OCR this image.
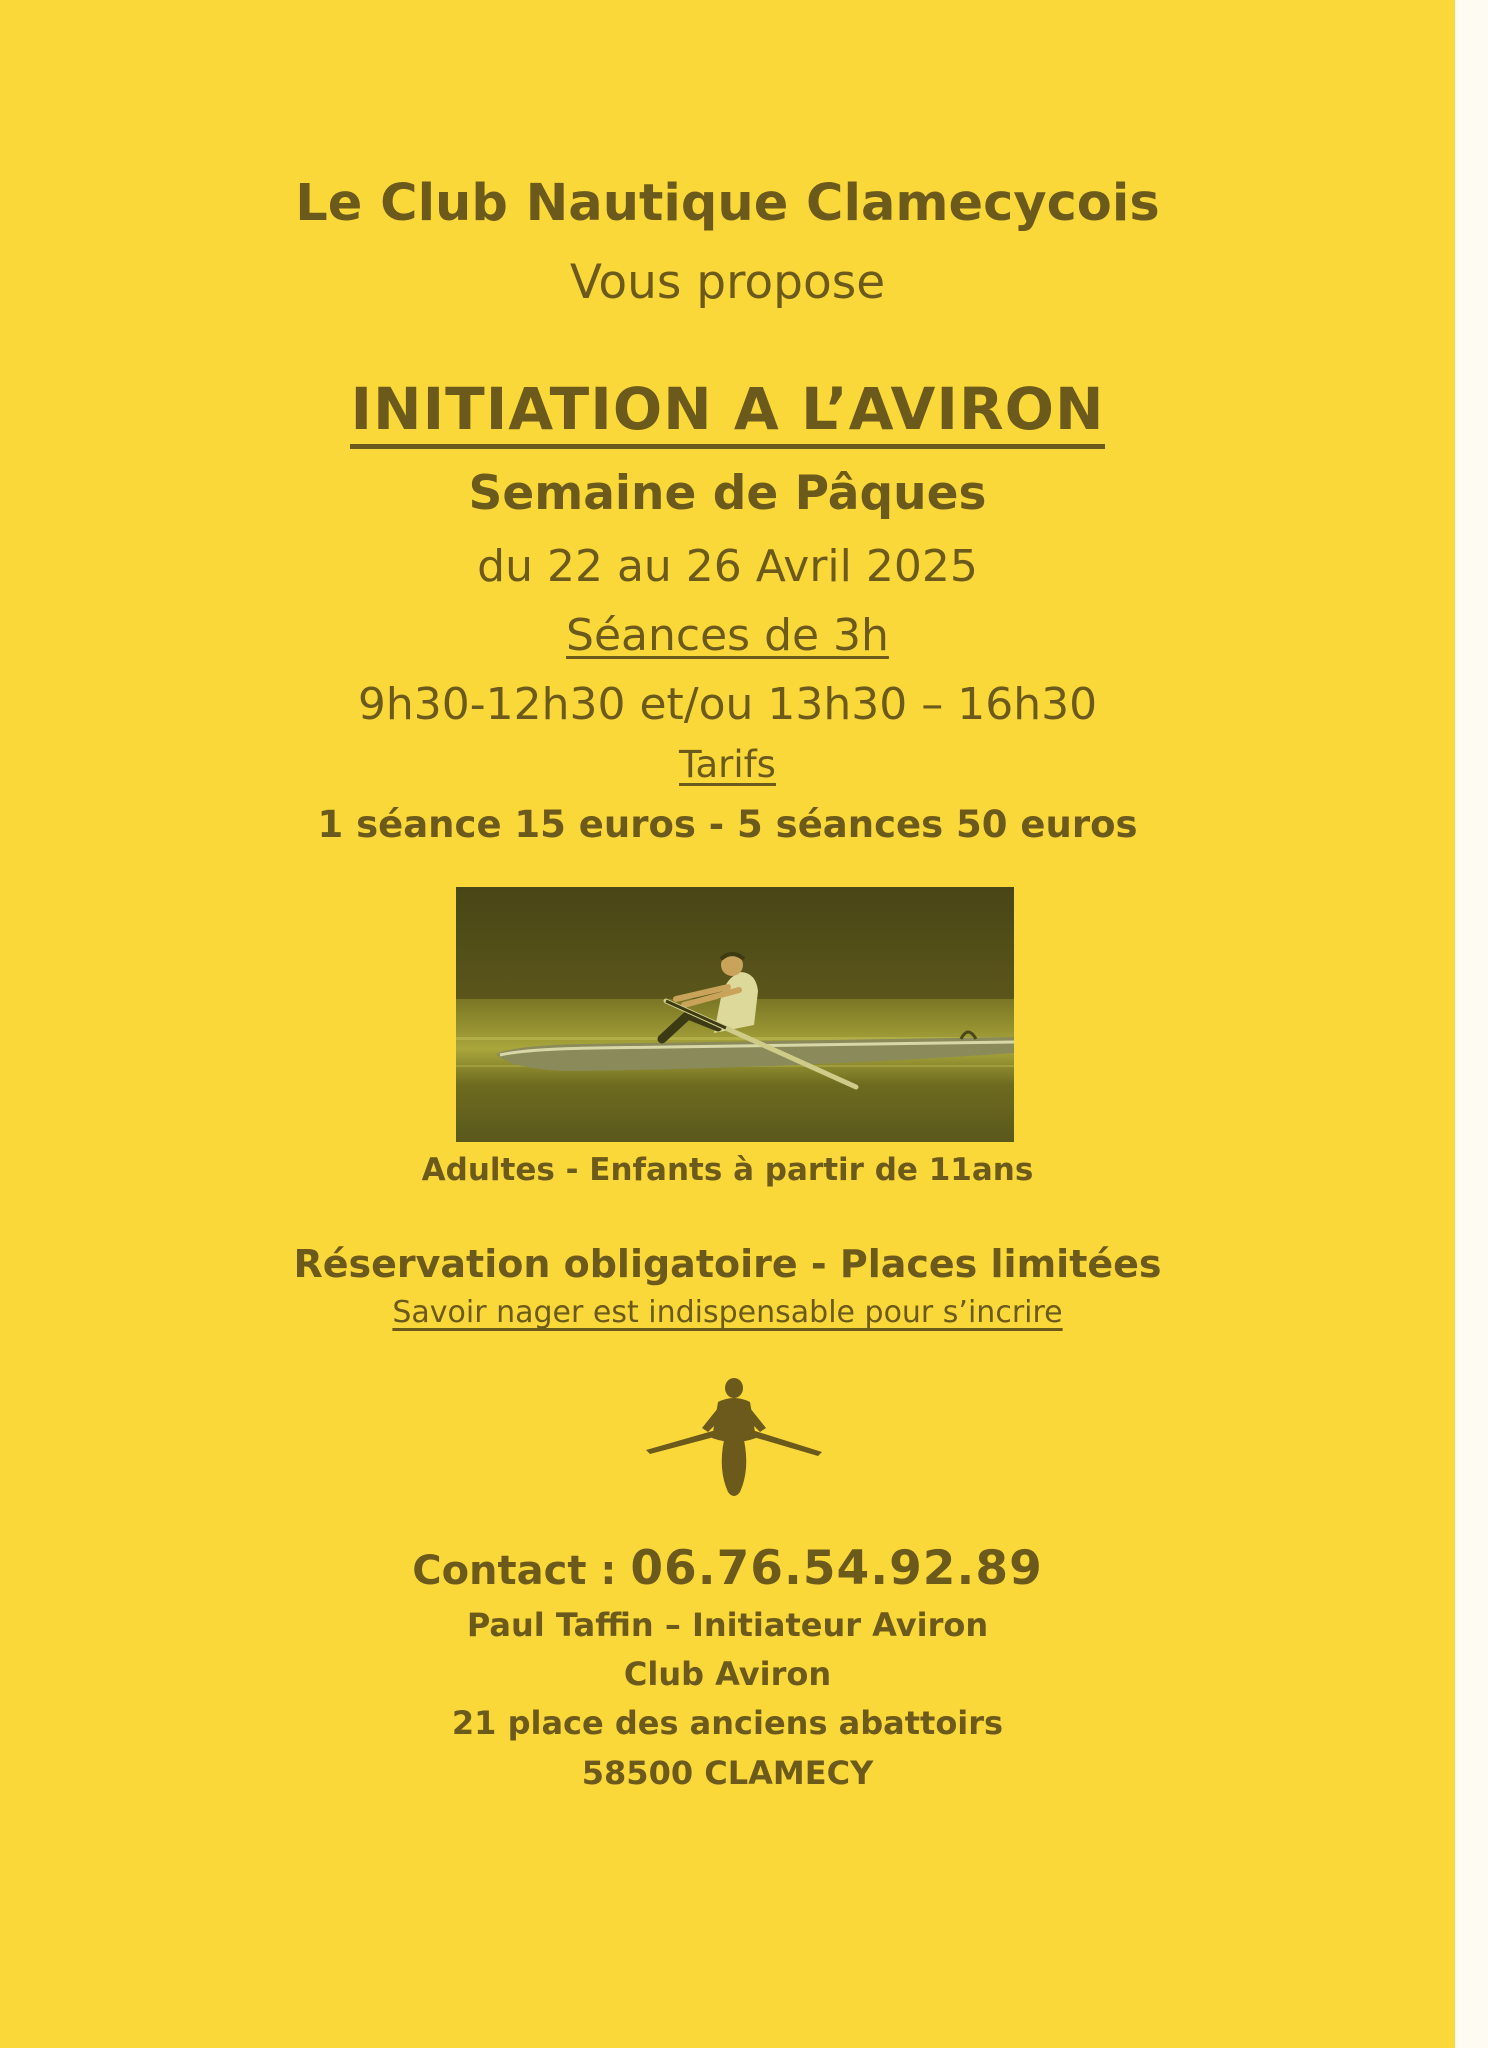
Le Club Nautique Clamecycois
Vous propose
INITIATION A L’AVIRON
Semaine de Pâques
du 22 au 26 Avril 2025
Séances de 3h
9h30-12h30 et/ou 13h30 – 16h30
Tarifs
1 séance 15 euros - 5 séances 50 euros
Adultes - Enfants à partir de 11ans
Réservation obligatoire - Places limitées
Savoir nager est indispensable pour s’incrire
Contact : 06.76.54.92.89
Paul Taffin – Initiateur Aviron
Club Aviron
21 place des anciens abattoirs
58500 CLAMECY
